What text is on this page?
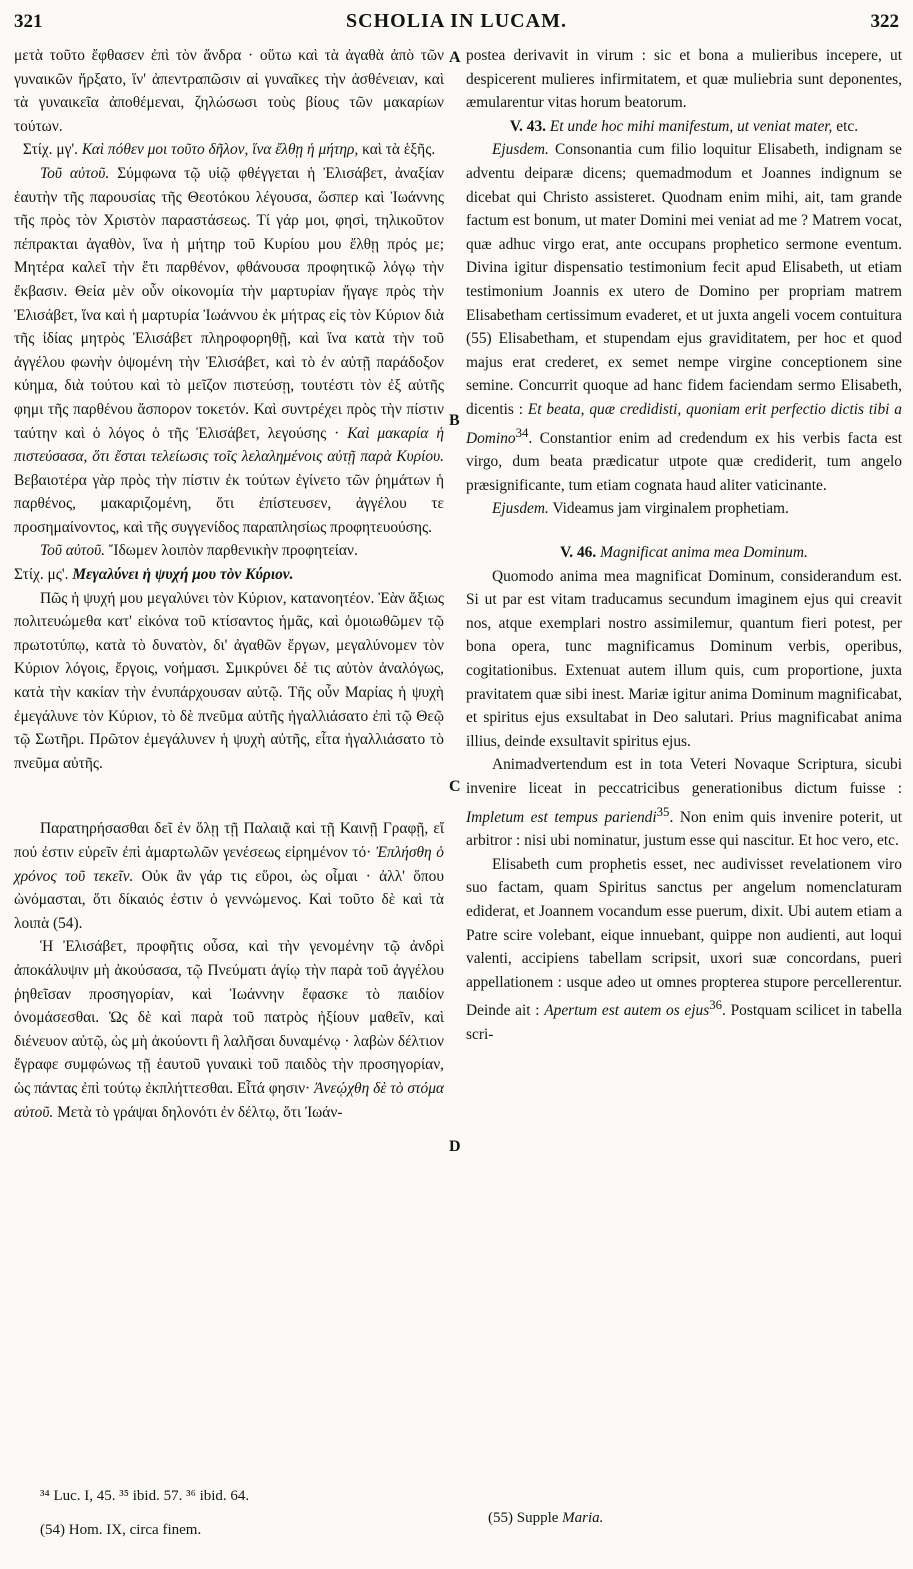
321	SCHOLIA IN LUCAM.	322
A
B
C
D

μετὰ τοῦτο ἔφθασεν ἐπὶ τὸν ἄνδρα · οὕτω καὶ τὰ ἀγαθὰ ἀπὸ τῶν γυναικῶν ἤρξατο, ἵν' ἀπεντραπῶσιν αἱ γυναῖκες τὴν ἀσθένειαν, καὶ τὰ γυναικεῖα ἀποθέμεναι, ζηλώσωσι τοὺς βίους τῶν μακαρίων τούτων.

Στίχ. μγ'. Καὶ πόθεν μοι τοῦτο δῆλον, ἵνα ἔλθῃ ἡ μήτηρ, καὶ τὰ ἑξῆς.

Τοῦ αὐτοῦ. Σύμφωνα τῷ υἱῷ φθέγγεται ἡ Ἐλισάβετ, ἀναξίαν ἑαυτὴν τῆς παρουσίας τῆς Θεοτόκου λέγουσα, ὥσπερ καὶ Ἰωάννης τῆς πρὸς τὸν Χριστὸν παραστάσεως. Τί γάρ μοι, φησὶ, τηλικοῦτον πέπρακται ἀγαθὸν, ἵνα ἡ μήτηρ τοῦ Κυρίου μου ἔλθῃ πρός με; Μητέρα καλεῖ τὴν ἔτι παρθένον, φθάνουσα προφητικῷ λόγῳ τὴν ἔκβασιν. Θεία μὲν οὖν οἰκονομία τὴν μαρτυρίαν ἤγαγε πρὸς τὴν Ἐλισάβετ, ἵνα καὶ ἡ μαρτυρία Ἰωάννου ἐκ μήτρας εἰς τὸν Κύριον διὰ τῆς ἰδίας μητρὸς Ἐλισάβετ πληροφορηθῇ, καὶ ἵνα κατὰ τὴν τοῦ ἀγγέλου φωνὴν ὀψομένη τὴν Ἐλισάβετ, καὶ τὸ ἐν αὐτῇ παράδοξον κύημα, διὰ τούτου καὶ τὸ μεῖζον πιστεύσῃ, τουτέστι τὸν ἐξ αὐτῆς φημι τῆς παρθένου ἄσπορον τοκετόν. Καὶ συντρέχει πρὸς τὴν πίστιν ταύτην καὶ ὁ λόγος ὁ τῆς Ἐλισάβετ, λεγούσης · Καὶ μακαρία ἡ πιστεύσασα, ὅτι ἔσται τελείωσις τοῖς λελαλημένοις αὐτῇ παρὰ Κυρίου. Βεβαιοτέρα γὰρ πρὸς τὴν πίστιν ἐκ τούτων ἐγίνετο τῶν ῥημάτων ἡ παρθένος, μακαριζομένη, ὅτι ἐπίστευσεν, ἀγγέλου τε προσημαίνοντος, καὶ τῆς συγγενίδος παραπλησίως προφητευούσης.

Τοῦ αὐτοῦ. Ἴδωμεν λοιπὸν παρθενικὴν προφητείαν.

Στίχ. μς'. Μεγαλύνει ἡ ψυχή μου τὸν Κύριον.

Πῶς ἡ ψυχή μου μεγαλύνει τὸν Κύριον, κατανοητέον. Ἐὰν ἄξιως πολιτευώμεθα κατ' εἰκόνα τοῦ κτίσαντος ἡμᾶς, καὶ ὁμοιωθῶμεν τῷ πρωτοτύπῳ, κατὰ τὸ δυνατὸν, δι' ἀγαθῶν ἔργων, μεγαλύνομεν τὸν Κύριον λόγοις, ἔργοις, νοήμασι. Σμικρύνει δέ τις αὐτὸν ἀναλόγως, κατὰ τὴν κακίαν τὴν ἐνυπάρχουσαν αὐτῷ. Τῆς οὖν Μαρίας ἡ ψυχὴ ἐμεγάλυνε τὸν Κύριον, τὸ δὲ πνεῦμα αὐτῆς ἠγαλλιάσατο ἐπὶ τῷ Θεῷ τῷ Σωτῆρι. Πρῶτον ἐμεγάλυνεν ἡ ψυχὴ αὐτῆς, εἶτα ἠγαλλιάσατο τὸ πνεῦμα αὐτῆς.

Παρατηρήσασθαι δεῖ ἐν ὅλῃ τῇ Παλαιᾷ καὶ τῇ Καινῇ Γραφῇ, εἴ πού ἐστιν εὑρεῖν ἐπὶ ἁμαρτωλῶν γενέσεως εἰρημένον τό· Ἐπλήσθη ὁ χρόνος τοῦ τεκεῖν. Οὐκ ἂν γάρ τις εὕροι, ὡς οἶμαι · ἀλλ' ὅπου ὠνόμασται, ὅτι δίκαιός ἐστιν ὁ γεννώμενος. Καὶ τοῦτο δὲ καὶ τὰ λοιπὰ (54).

Ἡ Ἐλισάβετ, προφῆτις οὖσα, καὶ τὴν γενομένην τῷ ἀνδρὶ ἀποκάλυψιν μὴ ἀκούσασα, τῷ Πνεύματι ἁγίῳ τὴν παρὰ τοῦ ἀγγέλου ῥηθεῖσαν προσηγορίαν, καὶ Ἰωάννην ἔφασκε τὸ παιδίον ὀνομάσεσθαι. Ὡς δὲ καὶ παρὰ τοῦ πατρὸς ἠξίουν μαθεῖν, καὶ διένευον αὐτῷ, ὡς μὴ ἀκούοντι ἢ λαλῆσαι δυναμένῳ · λαβὼν δέλτιον ἔγραφε συμφώνως τῇ ἑαυτοῦ γυναικὶ τοῦ παιδὸς τὴν προσηγορίαν, ὡς πάντας ἐπὶ τούτῳ ἐκπλήττεσθαι. Εἶτά φησιν· Ἀνεῴχθη δὲ τὸ στόμα αὐτοῦ. Μετὰ τὸ γράψαι δηλονότι ἐν δέλτῳ, ὅτι Ἰωάν-

postea derivavit in virum : sic et bona a mulieribus incepere, ut despicerent mulieres infirmitatem, et quæ muliebria sunt deponentes, æmularentur vitas horum beatorum.

V. 43. Et unde hoc mihi manifestum, ut veniat mater, etc.

Ejusdem. Consonantia cum filio loquitur Elisabeth, indignam se adventu deiparæ dicens; quemadmodum et Joannes indignum se dicebat qui Christo assisteret. Quodnam enim mihi, ait, tam grande factum est bonum, ut mater Domini mei veniat ad me ? Matrem vocat, quæ adhuc virgo erat, ante occupans prophetico sermone eventum. Divina igitur dispensatio testimonium fecit apud Elisabeth, ut etiam testimonium Joannis ex utero de Domino per propriam matrem Elisabetham certissimum evaderet, et ut juxta angeli vocem contuitura (55) Elisabetham, et stupendam ejus graviditatem, per hoc et quod majus erat crederet, ex semet nempe virgine conceptionem sine semine. Concurrit quoque ad hanc fidem faciendam sermo Elisabeth, dicentis : Et beata, quæ credidisti, quoniam erit perfectio dictis tibi a Domino$^{34}$. Constantior enim ad credendum ex his verbis facta est virgo, dum beata prædicatur utpote quæ crediderit, tum angelo præsignificante, tum etiam cognata haud aliter vaticinante.

Ejusdem. Videamus jam virginalem prophetiam.

V. 46. Magnificat anima mea Dominum.

Quomodo anima mea magnificat Dominum, considerandum est. Si ut par est vitam traducamus secundum imaginem ejus qui creavit nos, atque exemplari nostro assimilemur, quantum fieri potest, per bona opera, tunc magnificamus Dominum verbis, operibus, cogitationibus. Extenuat autem illum quis, cum proportione, juxta pravitatem quæ sibi inest. Mariæ igitur anima Dominum magnificabat, et spiritus ejus exsultabat in Deo salutari. Prius magnificabat anima illius, deinde exsultavit spiritus ejus.

Animadvertendum est in tota Veteri Novaque Scriptura, sicubi invenire liceat in peccatricibus generationibus dictum fuisse : Impletum est tempus pariendi$^{35}$. Non enim quis invenire poterit, ut arbitror : nisi ubi nominatur, justum esse qui nascitur. Et hoc vero, etc.

Elisabeth cum prophetis esset, nec audivisset revelationem viro suo factam, quam Spiritus sanctus per angelum nomenclaturam ediderat, et Joannem vocandum esse puerum, dixit. Ubi autem etiam a Patre scire volebant, eique innuebant, quippe non audienti, aut loqui valenti, accipiens tabellam scripsit, uxori suæ concordans, pueri appellationem : usque adeo ut omnes propterea stupore percellerentur. Deinde ait : Apertum est autem os ejus$^{36}$. Postquam scilicet in tabella scri-

³⁴ Luc. I, 45. ³⁵ ibid. 57. ³⁶ ibid. 64.
(54) Hom. IX, circa finem.
(55) Supple Maria.
